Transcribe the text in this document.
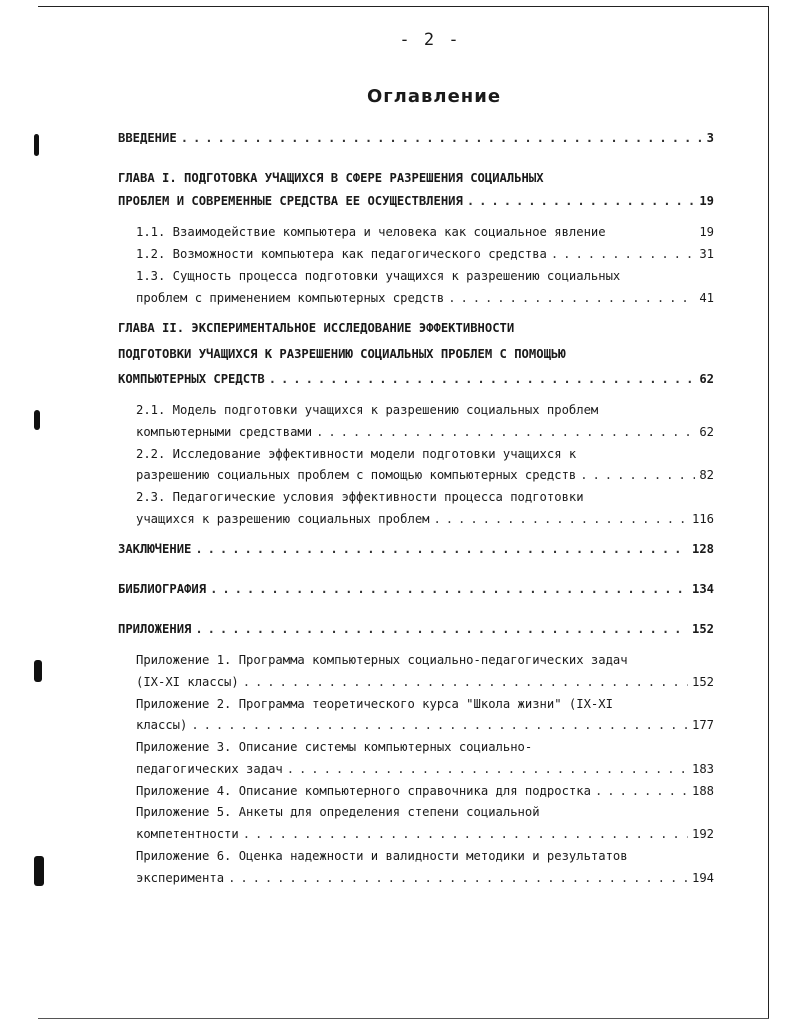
- 2 -
Оглавление
ВВЕДЕНИЕ . . .	3
ГЛАВА I. ПОДГОТОВКА УЧАЩИХСЯ В СФЕРЕ РАЗРЕШЕНИЯ СОЦИАЛЬНЫХ
ПРОБЛЕМ И СОВРЕМЕННЫЕ СРЕДСТВА ЕЕ ОСУЩЕСТВЛЕНИЯ . . .	19
1.1. Взаимодействие компьютера и человека как социальное явление	19
1.2. Возможности компьютера как педагогического средства . . .	31
1.3. Сущность процесса подготовки учащихся к разрешению социальных
проблем с применением компьютерных средств . . .	41
ГЛАВА II. ЭКСПЕРИМЕНТАЛЬНОЕ ИССЛЕДОВАНИЕ ЭФФЕКТИВНОСТИ
ПОДГОТОВКИ УЧАЩИХСЯ К РАЗРЕШЕНИЮ СОЦИАЛЬНЫХ ПРОБЛЕМ С ПОМОЩЬЮ
КОМПЬЮТЕРНЫХ СРЕДСТВ . . .	62
2.1. Модель подготовки учащихся к разрешению социальных проблем
компьютерными средствами . . .	62
2.2. Исследование эффективности модели подготовки учащихся к
разрешению социальных проблем с помощью компьютерных средств . . .	82
2.3. Педагогические условия эффективности процесса подготовки
учащихся к разрешению социальных проблем . . .	116
ЗАКЛЮЧЕНИЕ . . .	128
БИБЛИОГРАФИЯ . . .	134
ПРИЛОЖЕНИЯ . . .	152
Приложение 1. Программа компьютерных социально-педагогических задач
(IX-XI классы) . . .	152
Приложение 2. Программа теоретического курса "Школа жизни" (IX-XI
классы) . . .	177
Приложение 3. Описание системы компьютерных социально-
педагогических задач . . .	183
Приложение 4. Описание компьютерного справочника для подростка . . .	188
Приложение 5. Анкеты для определения степени социальной
компетентности . . .	192
Приложение 6. Оценка надежности и валидности методики и результатов
эксперимента . . .	194
